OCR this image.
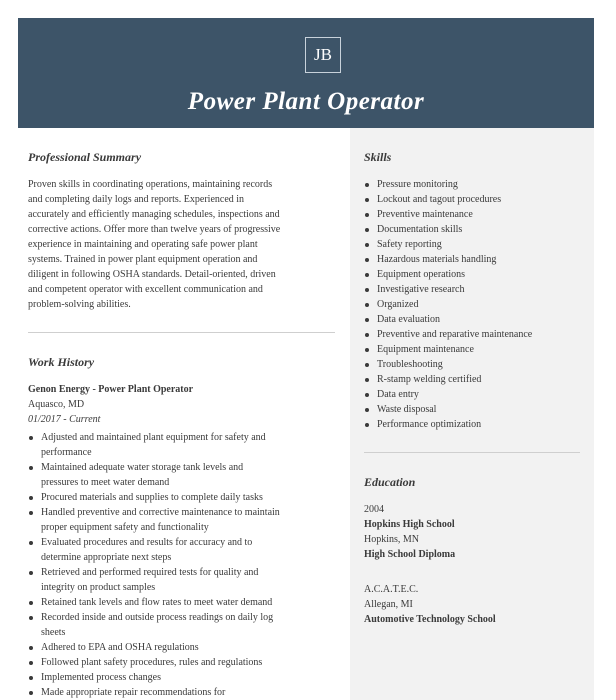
JB
Power Plant Operator
Professional Summary

Proven skills in coordinating operations, maintaining records

and completing daily logs and reports. Experienced in

accurately and efficiently managing schedules, inspections and

corrective actions. Offer more than twelve years of progressive

experience in maintaining and operating safe power plant

systems. Trained in power plant equipment operation and

diligent in following OSHA standards. Detail-oriented, driven

and competent operator with excellent communication and

problem-solving abilities.

Work History
Genon Energy - Power Plant Operator
Aquasco, MD
01/2017 - Current
Adjusted and maintained plant equipment for safety and
performance
Maintained adequate water storage tank levels and
pressures to meet water demand
Procured materials and supplies to complete daily tasks
Handled preventive and corrective maintenance to maintain
proper equipment safety and functionality
Evaluated procedures and results for accuracy and to
determine appropriate next steps
Retrieved and performed required tests for quality and
integrity on product samples
Retained tank levels and flow rates to meet water demand
Recorded inside and outside process readings on daily log
sheets
Adhered to EPA and OSHA regulations
Followed plant safety procedures, rules and regulations
Implemented process changes
Made appropriate repair recommendations for
Skills
Pressure monitoring
Lockout and tagout procedures
Preventive maintenance
Documentation skills
Safety reporting
Hazardous materials handling
Equipment operations
Investigative research
Organized
Data evaluation
Preventive and reparative maintenance
Equipment maintenance
Troubleshooting
R-stamp welding certified
Data entry
Waste disposal
Performance optimization
Education
2004
Hopkins High School
Hopkins, MN
High School Diploma
A.C.A.T.E.C.
Allegan, MI
Automotive Technology School
